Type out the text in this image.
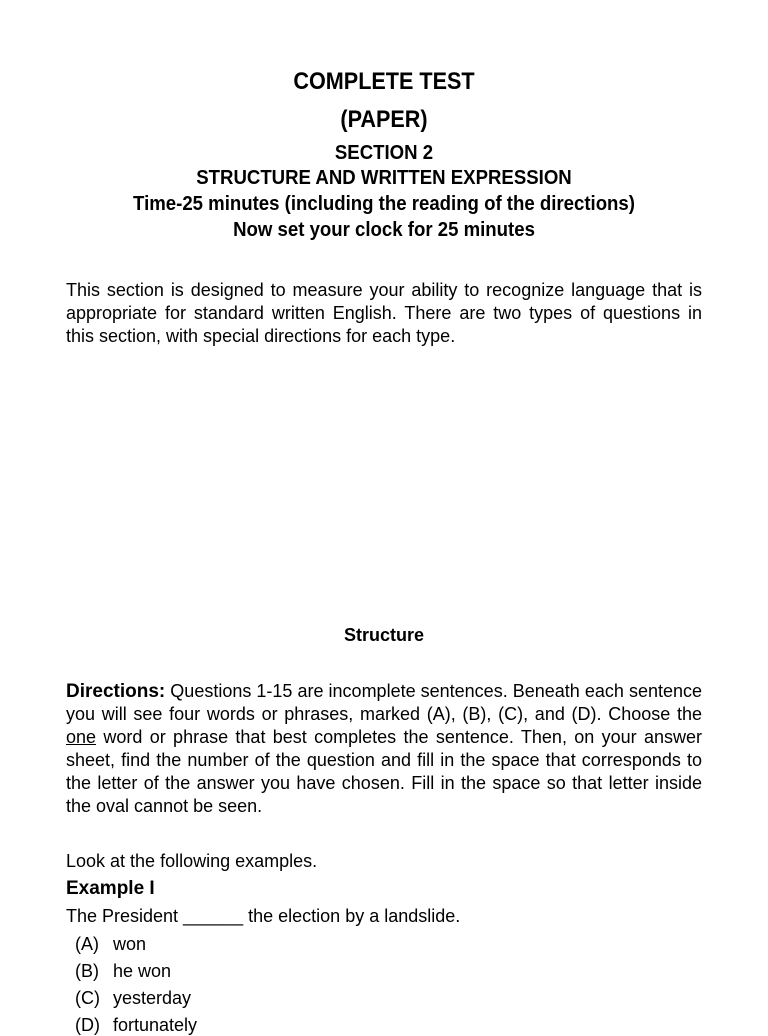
COMPLETE TEST
(PAPER)
SECTION 2
STRUCTURE AND WRITTEN EXPRESSION
Time-25 minutes (including the reading of the directions)
Now set your clock for 25 minutes

This section is designed to measure your ability to recognize language that is appropriate for standard written English. There are two types of questions in this section, with special directions for each type.

Structure

Directions: Questions 1-15 are incomplete sentences. Beneath each sentence you will see four words or phrases, marked (A), (B), (C), and (D). Choose the one word or phrase that best completes the sentence. Then, on your answer sheet, find the number of the question and fill in the space that corresponds to the letter of the answer you have chosen. Fill in the space so that letter inside the oval cannot be seen.

Look at the following examples.
Example I
The President ______ the election by a landslide.
(A) won
(B) he won
(C) yesterday
(D) fortunately
